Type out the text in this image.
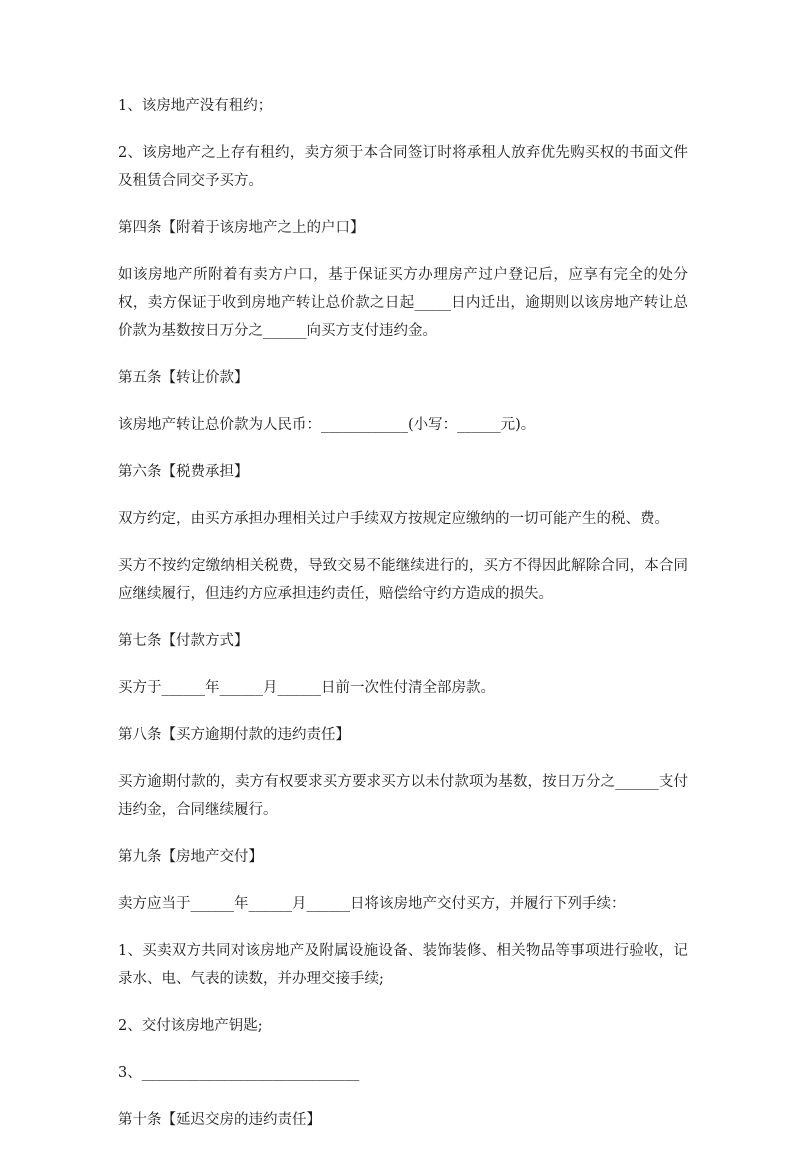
1、该房地产没有租约；

2、该房地产之上存有租约，卖方须于本合同签订时将承租人放弃优先购买权的书面文件及租赁合同交予买方。

第四条【附着于该房地产之上的户口】

如该房地产所附着有卖方户口，基于保证买方办理房产过户登记后，应享有完全的处分权，卖方保证于收到房地产转让总价款之日起_____日内迁出，逾期则以该房地产转让总价款为基数按日万分之______向买方支付违约金。

第五条【转让价款】

该房地产转让总价款为人民币：____________(小写：______元)。

第六条【税费承担】

双方约定，由买方承担办理相关过户手续双方按规定应缴纳的一切可能产生的税、费。

买方不按约定缴纳相关税费，导致交易不能继续进行的，买方不得因此解除合同，本合同应继续履行，但违约方应承担违约责任，赔偿给守约方造成的损失。

第七条【付款方式】

买方于______年______月______日前一次性付清全部房款。

第八条【买方逾期付款的违约责任】

买方逾期付款的，卖方有权要求买方要求买方以未付款项为基数，按日万分之______支付违约金，合同继续履行。

第九条【房地产交付】

卖方应当于______年______月______日将该房地产交付买方，并履行下列手续：

1、买卖双方共同对该房地产及附属设施设备、装饰装修、相关物品等事项进行验收，记录水、电、气表的读数，并办理交接手续;

2、交付该房地产钥匙;

3、______________________________

第十条【延迟交房的违约责任】
